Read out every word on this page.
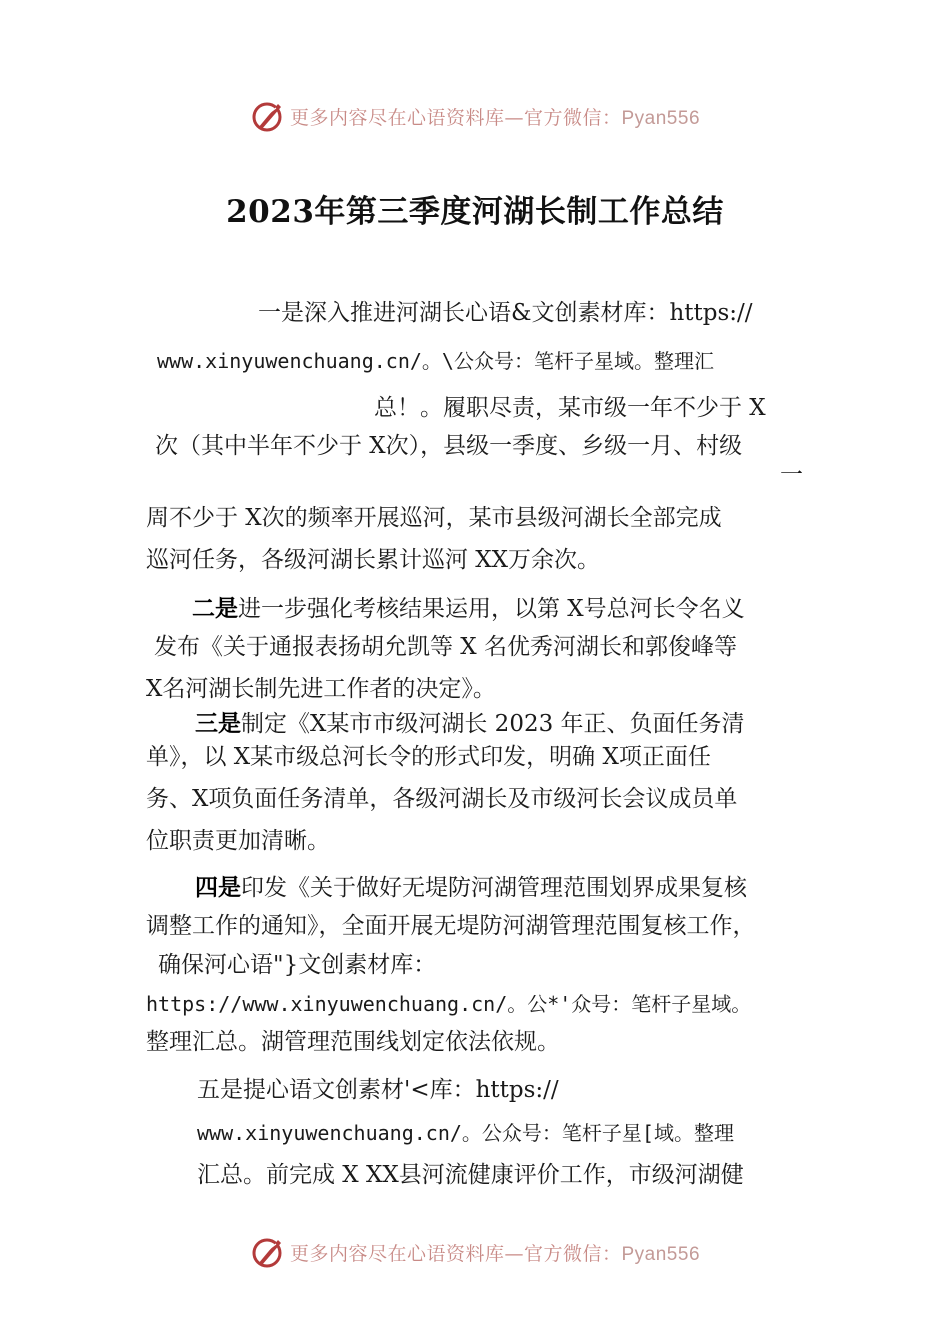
更多内容尽在心语资料库—官方微信：Pyan556
2023年第三季度河湖长制工作总结
一是深入推进河湖长心语&文创素材库：https://
www.xinyuwenchuang.cn/。\公众号：笔杆子星域。整理汇
总！。履职尽责，某市级一年不少于 X
次（其中半年不少于 X次），县级一季度、乡级一月、村级
一
周不少于 X次的频率开展巡河，某市县级河湖长全部完成
巡河任务，各级河湖长累计巡河 XX万余次。
二是进一步强化考核结果运用，以第 X号总河长令名义
发布《关于通报表扬胡允凯等 X 名优秀河湖长和郭俊峰等
X名河湖长制先进工作者的决定》。
三是制定《X某市市级河湖长 2023 年正、负面任务清
单》，以 X某市级总河长令的形式印发，明确 X项正面任
务、X项负面任务清单，各级河湖长及市级河长会议成员单
位职责更加清晰。
四是印发《关于做好无堤防河湖管理范围划界成果复核
调整工作的通知》，全面开展无堤防河湖管理范围复核工作，
确保河心语"}文创素材库：
https://www.xinyuwenchuang.cn/。公*'众号：笔杆子星域。
整理汇总。湖管理范围线划定依法依规。
五是提心语文创素材'<库：https://
www.xinyuwenchuang.cn/。公众号：笔杆子星[域。整理
汇总。前完成 X XX县河流健康评价工作，市级河湖健
更多内容尽在心语资料库—官方微信：Pyan556
